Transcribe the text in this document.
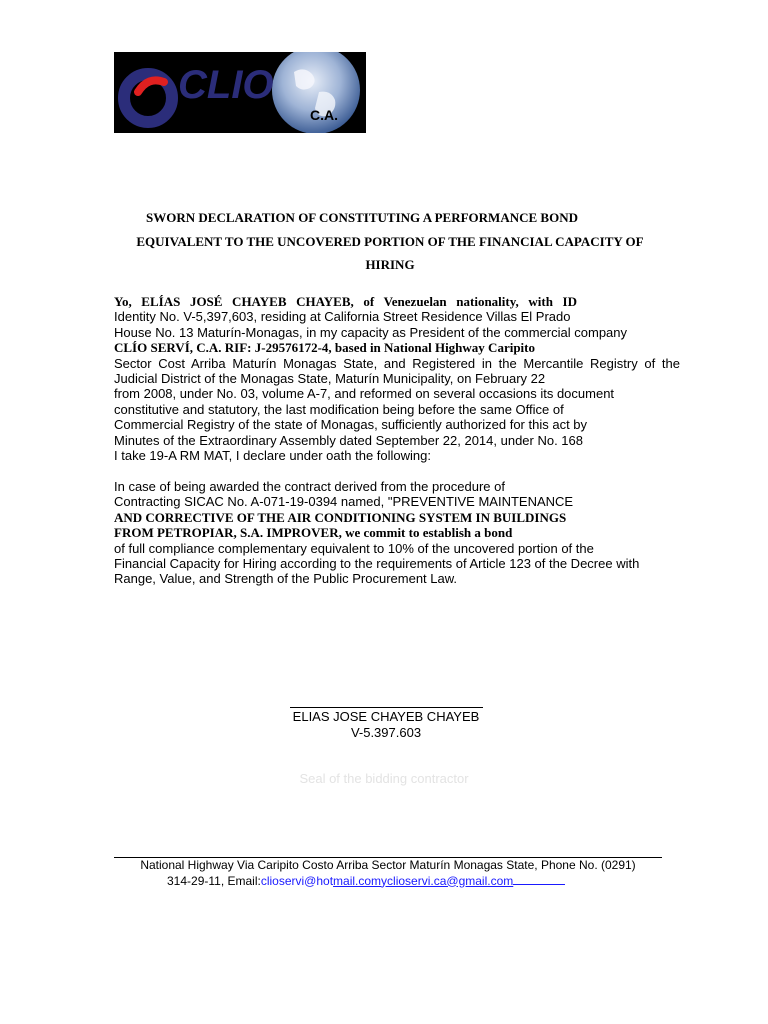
CLIO
C.A.
SWORN DECLARATION OF CONSTITUTING A PERFORMANCE BOND
EQUIVALENT TO THE UNCOVERED PORTION OF THE FINANCIAL CAPACITY OF
HIRING
Yo, ELÍAS JOSÉ CHAYEB CHAYEB, of Venezuelan nationality, with ID
Identity No. V-5,397,603, residing at California Street Residence Villas El Prado
House No. 13 Maturín-Monagas, in my capacity as President of the commercial company
CLÍO SERVÍ, C.A. RIF: J-29576172-4, based in National Highway Caripito
Sector Cost Arriba Maturín Monagas State, and Registered in the Mercantile Registry of the
Judicial District of the Monagas State, Maturín Municipality, on February 22
from 2008, under No. 03, volume A-7, and reformed on several occasions its document
constitutive and statutory, the last modification being before the same Office of
Commercial Registry of the state of Monagas, sufficiently authorized for this act by
Minutes of the Extraordinary Assembly dated September 22, 2014, under No. 168
I take 19-A RM MAT, I declare under oath the following:
In case of being awarded the contract derived from the procedure of
Contracting SICAC No. A-071-19-0394 named, "PREVENTIVE MAINTENANCE
AND CORRECTIVE OF THE AIR CONDITIONING SYSTEM IN BUILDINGS
FROM PETROPIAR, S.A. IMPROVER, we commit to establish a bond
of full compliance complementary equivalent to 10% of the uncovered portion of the
Financial Capacity for Hiring according to the requirements of Article 123 of the Decree with
Range, Value, and Strength of the Public Procurement Law.
ELIAS JOSE CHAYEB CHAYEB
V-5.397.603
Seal of the bidding contractor
National Highway Via Caripito Costo Arriba Sector Maturín Monagas State, Phone No. (0291)
314-29-11, Email:clioservi@hotmail.comyclioservi.ca@gmail.com
